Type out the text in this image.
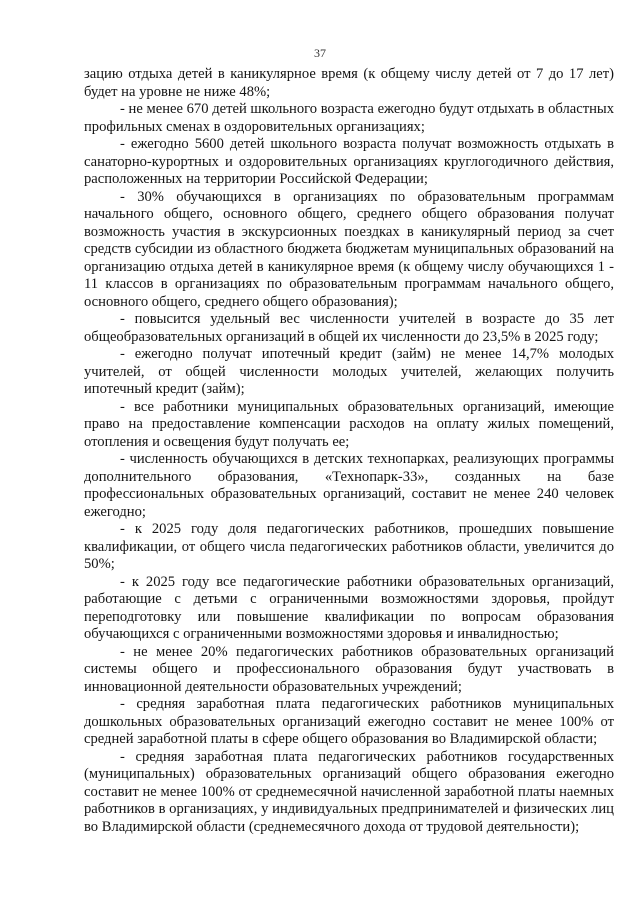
37

зацию отдыха детей в каникулярное время (к общему числу детей от 7 до 17 лет) будет на уровне не ниже 48%;

- не менее 670 детей школьного возраста ежегодно будут отдыхать в областных профильных сменах в оздоровительных организациях;

- ежегодно 5600 детей школьного возраста получат возможность отдыхать в санаторно-курортных и оздоровительных организациях круглогодичного действия, расположенных на территории Российской Федерации;

- 30% обучающихся в организациях по образовательным программам начального общего, основного общего, среднего общего образования получат возможность участия в экскурсионных поездках в каникулярный период за счет средств субсидии из областного бюджета бюджетам муниципальных образований на организацию отдыха детей в каникулярное время (к общему числу обучающихся 1 - 11 классов в организациях по образовательным программам начального общего, основного общего, среднего общего образования);

- повысится удельный вес численности учителей в возрасте до 35 лет общеобразовательных организаций в общей их численности до 23,5% в 2025 году;

- ежегодно получат ипотечный кредит (займ) не менее 14,7% молодых учителей, от общей численности молодых учителей, желающих получить ипотечный кредит (займ);

- все работники муниципальных образовательных организаций, имеющие право на предоставление компенсации расходов на оплату жилых помещений, отопления и освещения будут получать ее;

- численность обучающихся в детских технопарках, реализующих программы дополнительного образования, «Технопарк-33», созданных на базе профессиональных образовательных организаций, составит не менее 240 человек ежегодно;

- к 2025 году доля педагогических работников, прошедших повышение квалификации, от общего числа педагогических работников области, увеличится до 50%;

- к 2025 году все педагогические работники образовательных организаций, работающие с детьми с ограниченными возможностями здоровья, пройдут переподготовку или повышение квалификации по вопросам образования обучающихся с ограниченными возможностями здоровья и инвалидностью;

- не менее 20% педагогических работников образовательных организаций системы общего и профессионального образования будут участвовать в инновационной деятельности образовательных учреждений;

- средняя заработная плата педагогических работников муниципальных дошкольных образовательных организаций ежегодно составит не менее 100% от средней заработной платы в сфере общего образования во Владимирской области;

- средняя заработная плата педагогических работников государственных (муниципальных) образовательных организаций общего образования ежегодно составит не менее 100% от среднемесячной начисленной заработной платы наемных работников в организациях, у индивидуальных предпринимателей и физических лиц во Владимирской области (среднемесячного дохода от трудовой деятельности);
